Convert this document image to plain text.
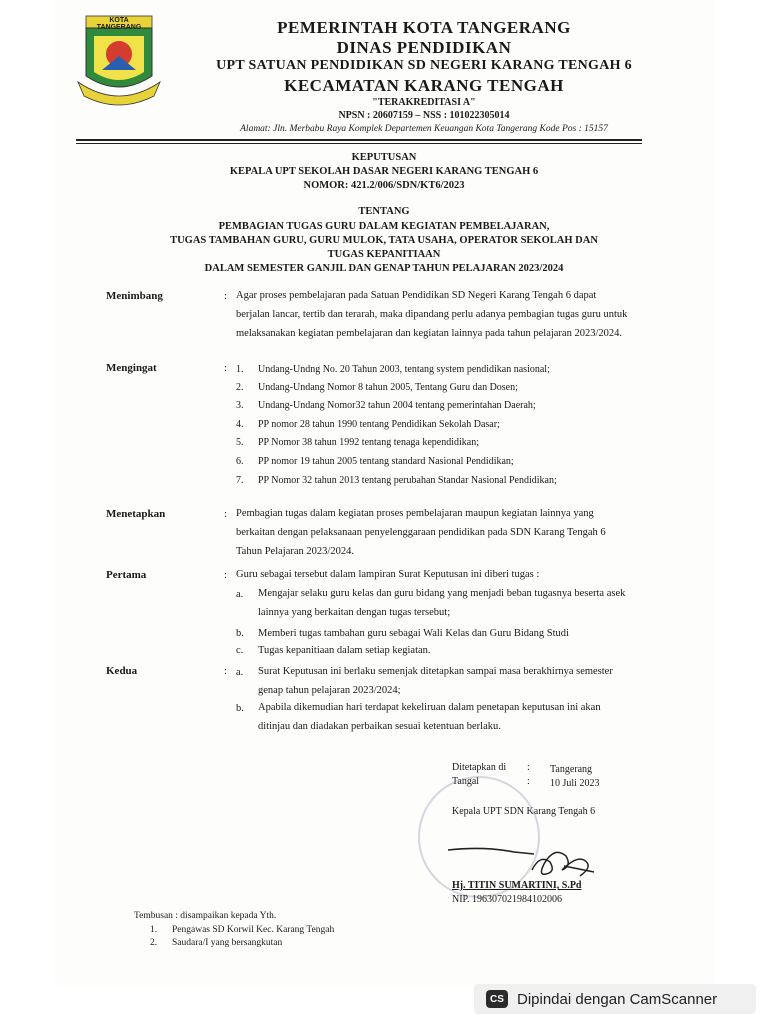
KOTA TANGERANG	PEMERINTAH KOTA TANGERANG
DINAS PENDIDIKAN
UPT SATUAN PENDIDIKAN SD NEGERI KARANG TENGAH 6
KECAMATAN KARANG TENGAH
"TERAKREDITASI A"
NPSN : 20607159 – NSS : 101022305014
Alamat: Jln. Merbabu Raya Komplek Departemen Keuangan Kota Tangerang Kode Pos : 15157
KEPUTUSAN
KEPALA UPT SEKOLAH DASAR NEGERI KARANG TENGAH 6
NOMOR: 421.2/006/SDN/KT6/2023
TENTANG
PEMBAGIAN TUGAS GURU DALAM KEGIATAN PEMBELAJARAN,
TUGAS TAMBAHAN GURU, GURU MULOK, TATA USAHA, OPERATOR SEKOLAH DAN
TUGAS KEPANITIAAN
DALAM SEMESTER GANJIL DAN GENAP TAHUN PELAJARAN 2023/2024
Menimbang	: Agar proses pembelajaran pada Satuan Pendidikan SD Negeri Karang Tengah 6 dapat
berjalan lancar, tertib dan terarah, maka dipandang perlu adanya pembagian tugas guru untuk
melaksanakan kegiatan pembelajaran dan kegiatan lainnya pada tahun pelajaran 2023/2024.
Mengingat	: 1. Undang-Undng No. 20 Tahun 2003, tentang system pendidikan nasional;
2. Undang-Undang Nomor 8 tahun 2005, Tentang Guru dan Dosen;
3. Undang-Undang Nomor32 tahun 2004 tentang pemerintahan Daerah;
4. PP nomor 28 tahun 1990 tentang Pendidikan Sekolah Dasar;
5. PP Nomor 38 tahun 1992 tentang tenaga kependidikan;
6. PP nomor 19 tahun 2005 tentang standard Nasional Pendidikan;
7. PP Nomor 32 tahun 2013 tentang perubahan Standar Nasional Pendidikan;
Menetapkan	: Pembagian tugas dalam kegiatan proses pembelajaran maupun kegiatan lainnya yang
berkaitan dengan pelaksanaan penyelenggaraan pendidikan pada SDN Karang Tengah 6
Tahun Pelajaran 2023/2024.
Pertama	: Guru sebagai tersebut dalam lampiran Surat Keputusan ini diberi tugas :
a. Mengajar selaku guru kelas dan guru bidang yang menjadi beban tugasnya beserta asek
lainnya yang berkaitan dengan tugas tersebut;
b. Memberi tugas tambahan guru sebagai Wali Kelas dan Guru Bidang Studi
c. Tugas kepanitiaan dalam setiap kegiatan.
Kedua	: a. Surat Keputusan ini berlaku semenjak ditetapkan sampai masa berakhirnya semester
genap tahun pelajaran 2023/2024;
b. Apabila dikemudian hari terdapat kekeliruan dalam penetapan keputusan ini akan
ditinjau dan diadakan perbaikan sesuai ketentuan berlaku.
Ditetapkan di : Tangerang
Tangal	: 10 Juli 2023
Kepala UPT SDN Karang Tengah 6
Hj. TITIN SUMARTINI, S.Pd
NIP. 196307021984102006
Tembusan : disampaikan kepada Yth.
1. Pengawas SD Korwil Kec. Karang Tengah
2. Saudara/I yang bersangkutan
CS Dipindai dengan CamScanner
